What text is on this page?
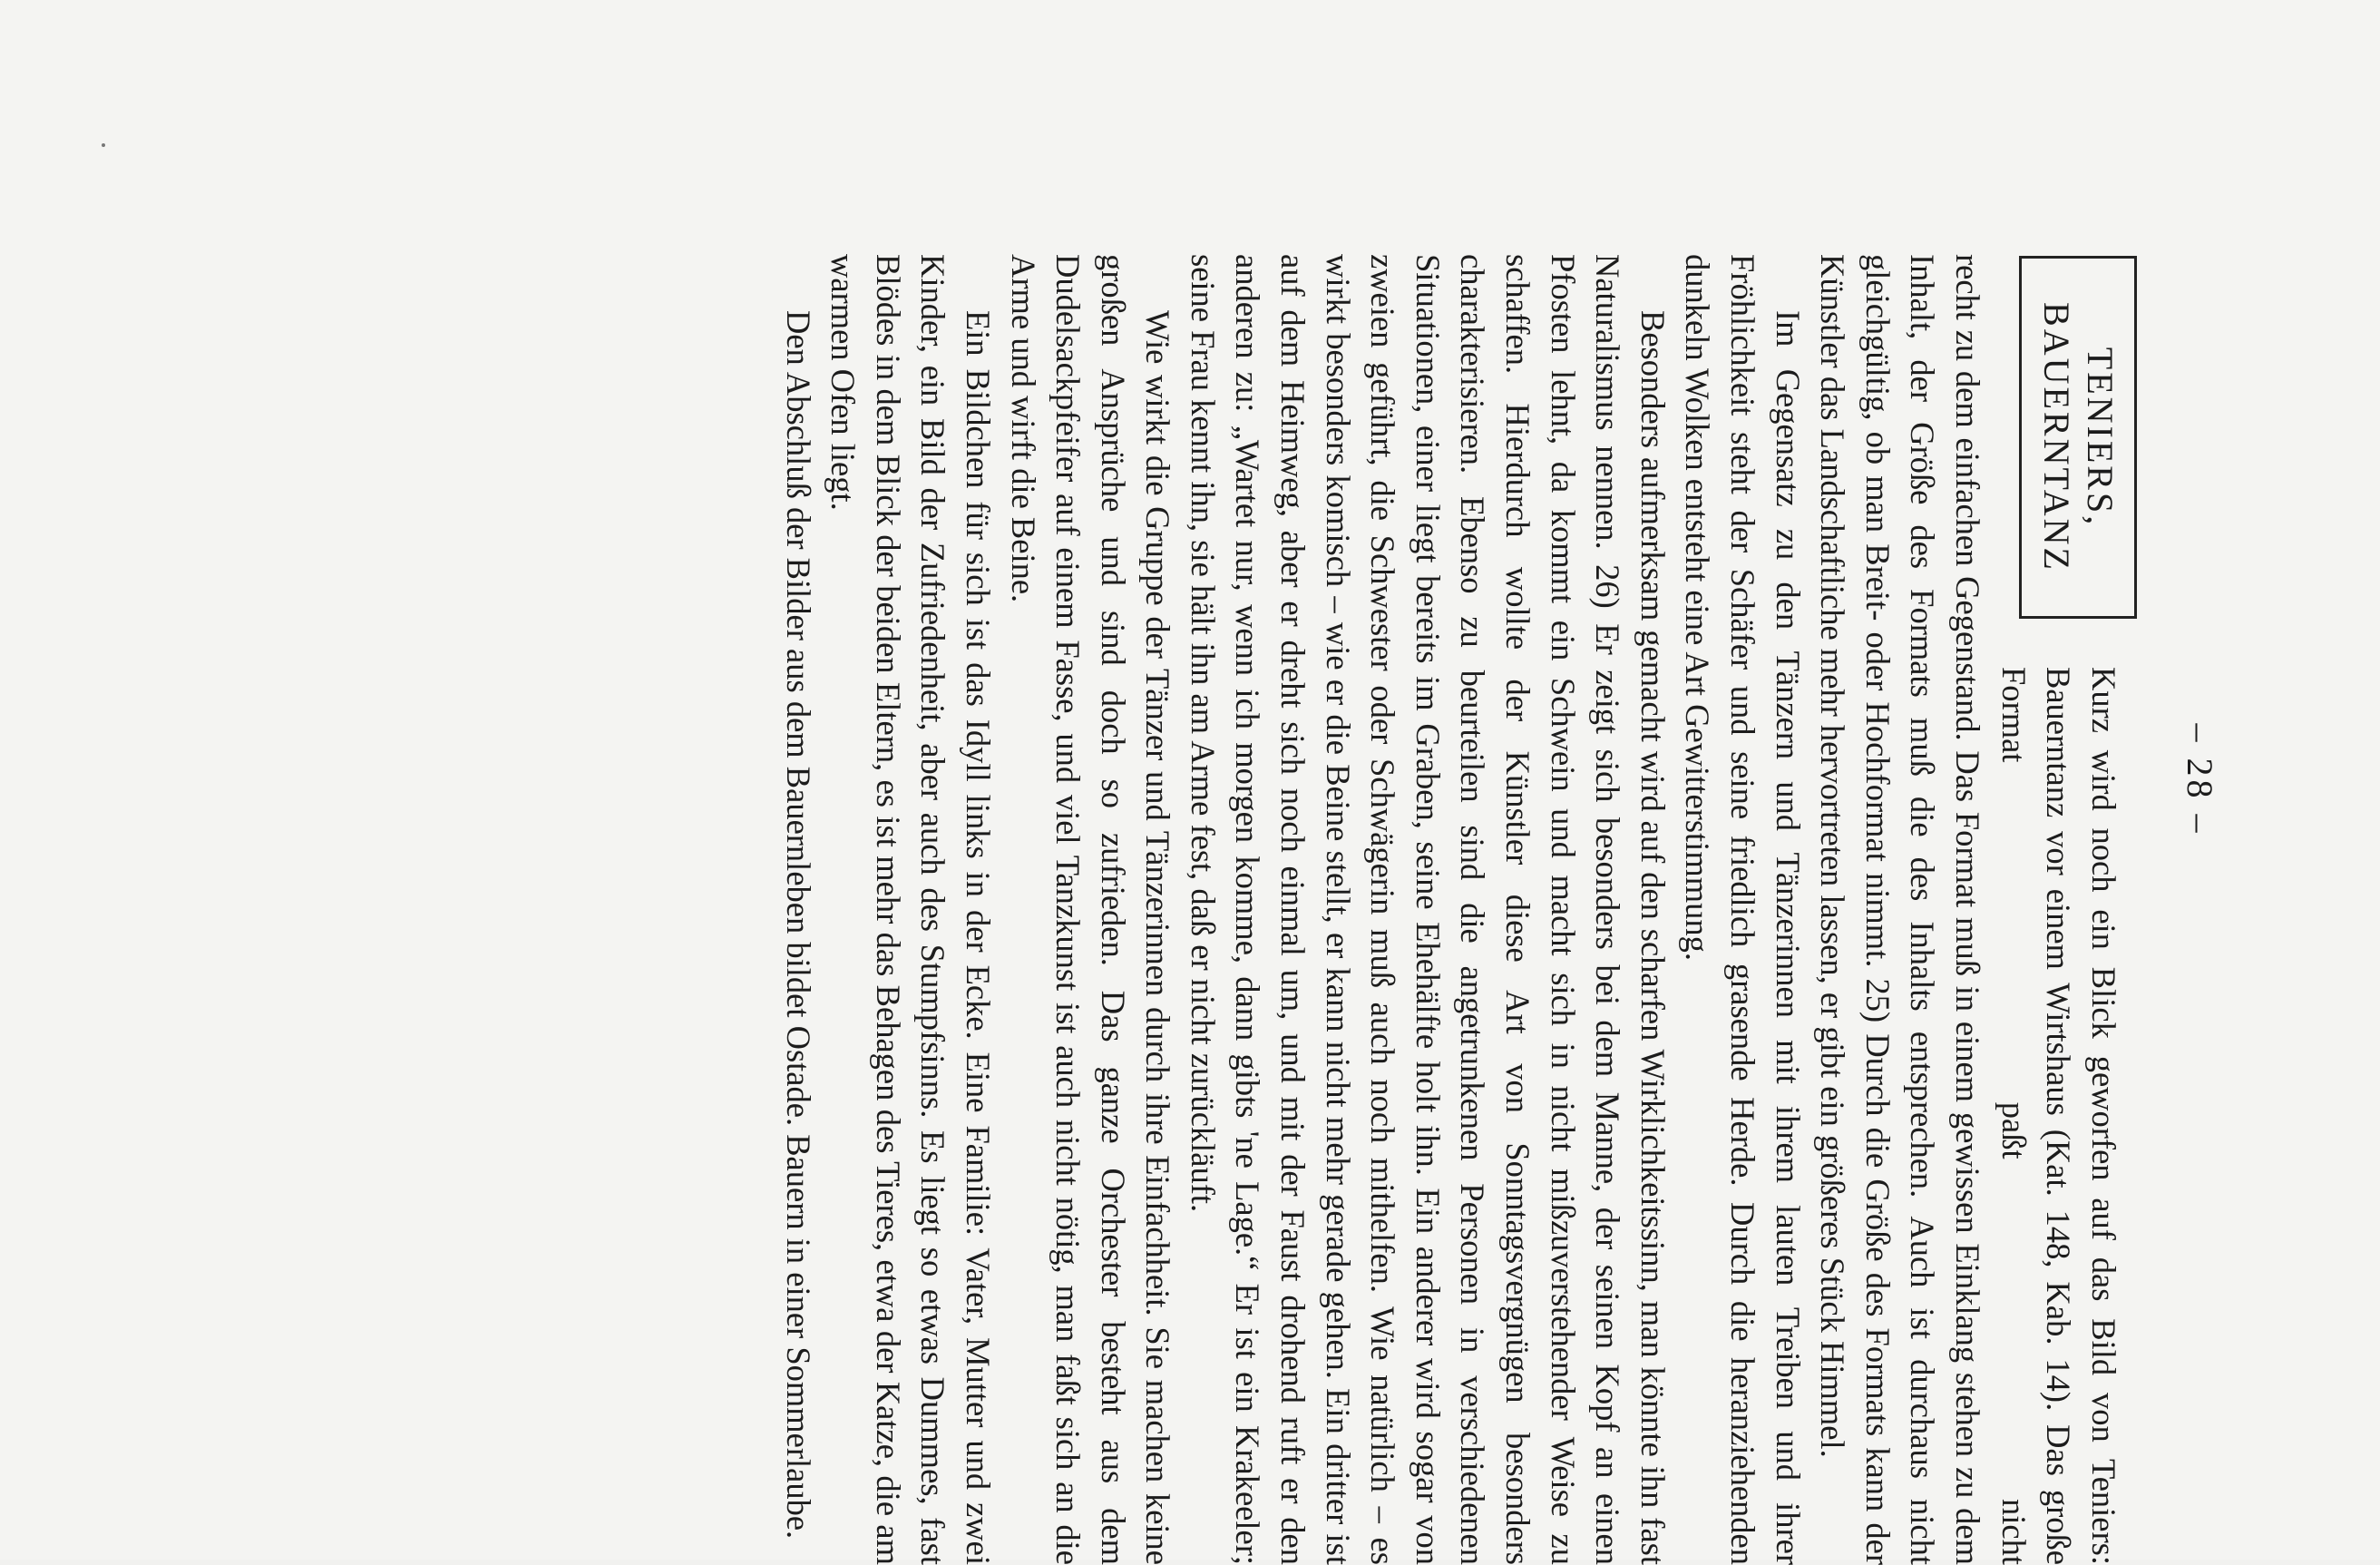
– 28 –
TENIERS,
BAUERNTANZ

Kurz wird noch ein Blick geworfen auf das Bild von Teniers: Bauerntanz vor einem Wirtshaus (Kat. 148, Kab. 14). Das große Format paßt nicht

recht zu dem einfachen Gegenstand. Das Format muß in einem gewissen Einklang stehen zu dem Inhalt, der Größe des Formats muß die des Inhalts entsprechen. Auch ist durchaus nicht gleichgültig, ob man Breit- oder Hochformat nimmt. 25) Durch die Größe des Formats kann der Künstler das Landschaftliche mehr hervortreten lassen, er gibt ein größeres Stück Himmel.

Im Gegensatz zu den Tänzern und Tänzerinnen mit ihrem lauten Treiben und ihrer Fröhlichkeit steht der Schäfer und seine friedlich grasende Herde. Durch die heranziehenden dunkeln Wolken entsteht eine Art Gewitterstimmung.

Besonders aufmerksam gemacht wird auf den scharfen Wirklichkeitssinn, man könnte ihn fast Naturalismus nennen. 26) Er zeigt sich besonders bei dem Manne, der seinen Kopf an einen Pfosten lehnt, da kommt ein Schwein und macht sich in nicht mißzuverstehender Weise zu schaffen. Hierdurch wollte der Künstler diese Art von Sonntagsvergnügen besonders charakterisieren. Ebenso zu beurteilen sind die angetrunkenen Personen in verschiedenen Situationen, einer liegt bereits im Graben, seine Ehehälfte holt ihn. Ein anderer wird sogar von zweien geführt, die Schwester oder Schwägerin muß auch noch mithelfen. Wie natürlich – es wirkt besonders komisch – wie er die Beine stellt, er kann nicht mehr gerade gehen. Ein dritter ist auf dem Heimweg, aber er dreht sich noch einmal um, und mit der Faust drohend ruft er den anderen zu: „Wartet nur, wenn ich morgen komme, dann gibts 'ne Lage.“ Er ist ein Krakeeler; seine Frau kennt ihn, sie hält ihn am Arme fest, daß er nicht zurückläuft.

Wie wirkt die Gruppe der Tänzer und Tänzerinnen durch ihre Einfachheit. Sie machen keine großen Ansprüche und sind doch so zufrieden. Das ganze Orchester besteht aus dem Dudelsackpfeifer auf einem Fasse, und viel Tanzkunst ist auch nicht nötig, man faßt sich an die Arme und wirft die Beine.

Ein Bildchen für sich ist das Idyll links in der Ecke. Eine Familie: Vater, Mutter und zwei Kinder, ein Bild der Zufriedenheit, aber auch des Stumpfsinns. Es liegt so etwas Dummes, fast Blödes in dem Blick der beiden Eltern, es ist mehr das Behagen des Tieres, etwa der Katze, die am warmen Ofen liegt.

Den Abschluß der Bilder aus dem Bauernleben bildet Ostade. Bauern in einer Sommerlaube.
